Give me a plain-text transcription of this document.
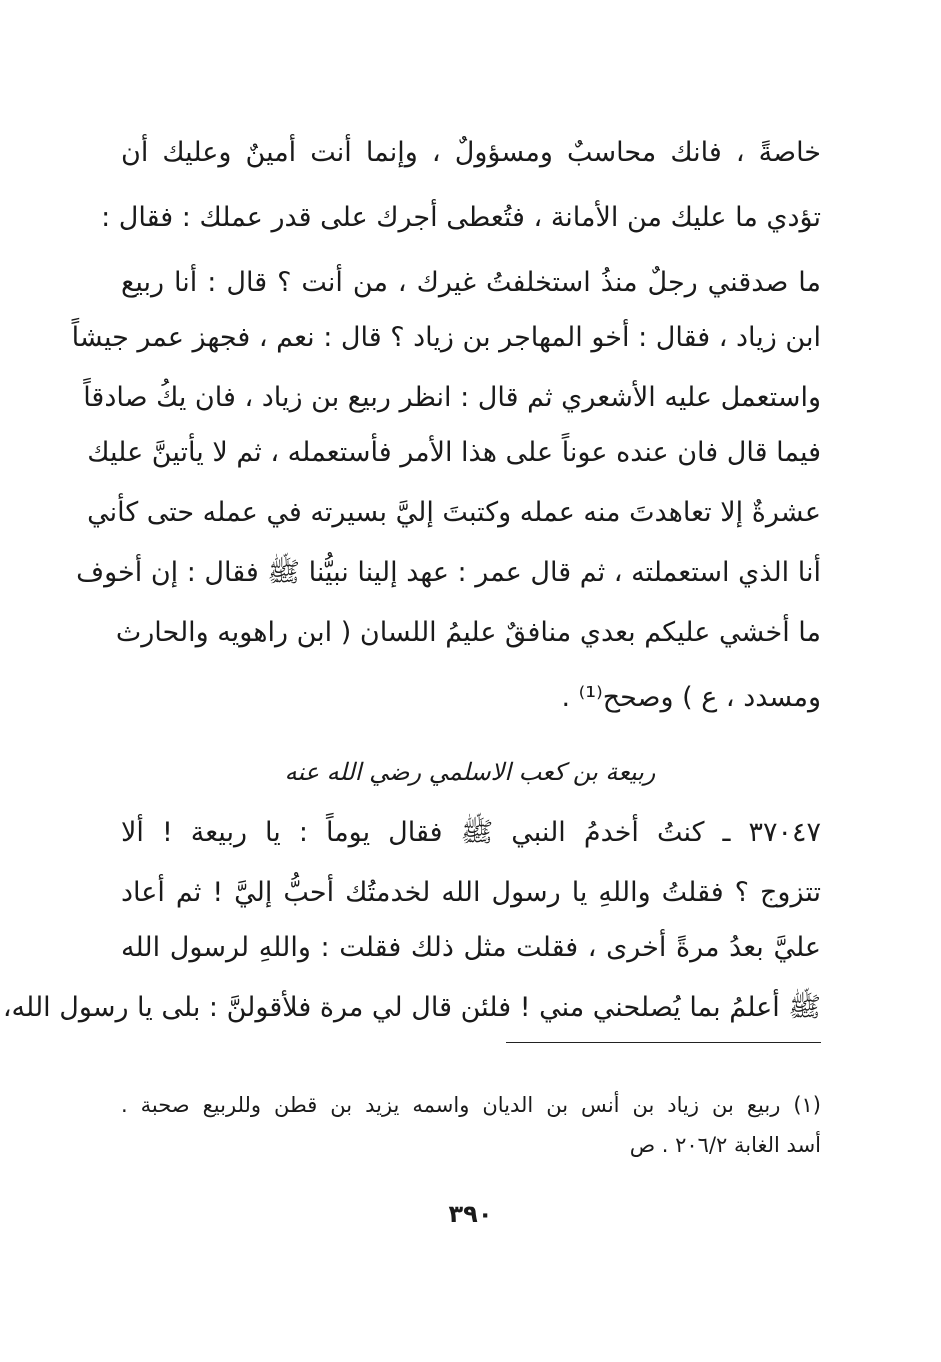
خاصةً ، فانك محاسبٌ ومسؤولٌ ، وإنما أنت أمينٌ وعليك أن
تؤدي ما عليك من الأمانة ، فتُعطى أجرك على قدر عملك : فقال :
ما صدقني رجلٌ منذُ استخلفتُ غيرك ، من أنت ؟ قال : أنا ربيع
ابن زياد ، فقال : أخو المهاجر بن زياد ؟ قال : نعم ، فجهز عمر جيشاً
واستعمل عليه الأشعري ثم قال : انظر ربيع بن زياد ، فان يكُ صادقاً
فيما قال فان عنده عوناً على هذا الأمر فأستعمله ، ثم لا يأتينَّ عليك
عشرةٌ إلا تعاهدتَ منه عمله وكتبتَ إليَّ بسيرته في عمله حتى كأني
أنا الذي استعملته ، ثم قال عمر : عهد إلينا نبيُّنا ﷺ فقال : إن أخوف
ما أخشي عليكم بعدي منافقٌ عليمُ اللسان ( ابن راهويه والحارث
ومسدد ، ع ) وصحح⁽¹⁾ .
ربيعة بن كعب الاسلمي رضي الله عنه
٣٧٠٤٧ ـ كنتُ أخدمُ النبي ﷺ فقال يوماً : يا ربيعة ! ألا
تتزوج ؟ فقلتُ واللهِ يا رسول الله لخدمتُك أحبُّ إليَّ ! ثم أعاد
عليَّ بعدُ مرةً أخرى ، فقلت مثل ذلك فقلت : واللهِ لرسول الله
ﷺ أعلمُ بما يُصلحني مني ! فلئن قال لي مرة فلأقولنَّ : بلى يا رسول الله،
(١) ربيع بن زياد بن أنس بن الديان واسمه يزيد بن قطن وللربيع صحبة .
أسد الغابة ٢٠٦/٢ . ص
٣٩٠
